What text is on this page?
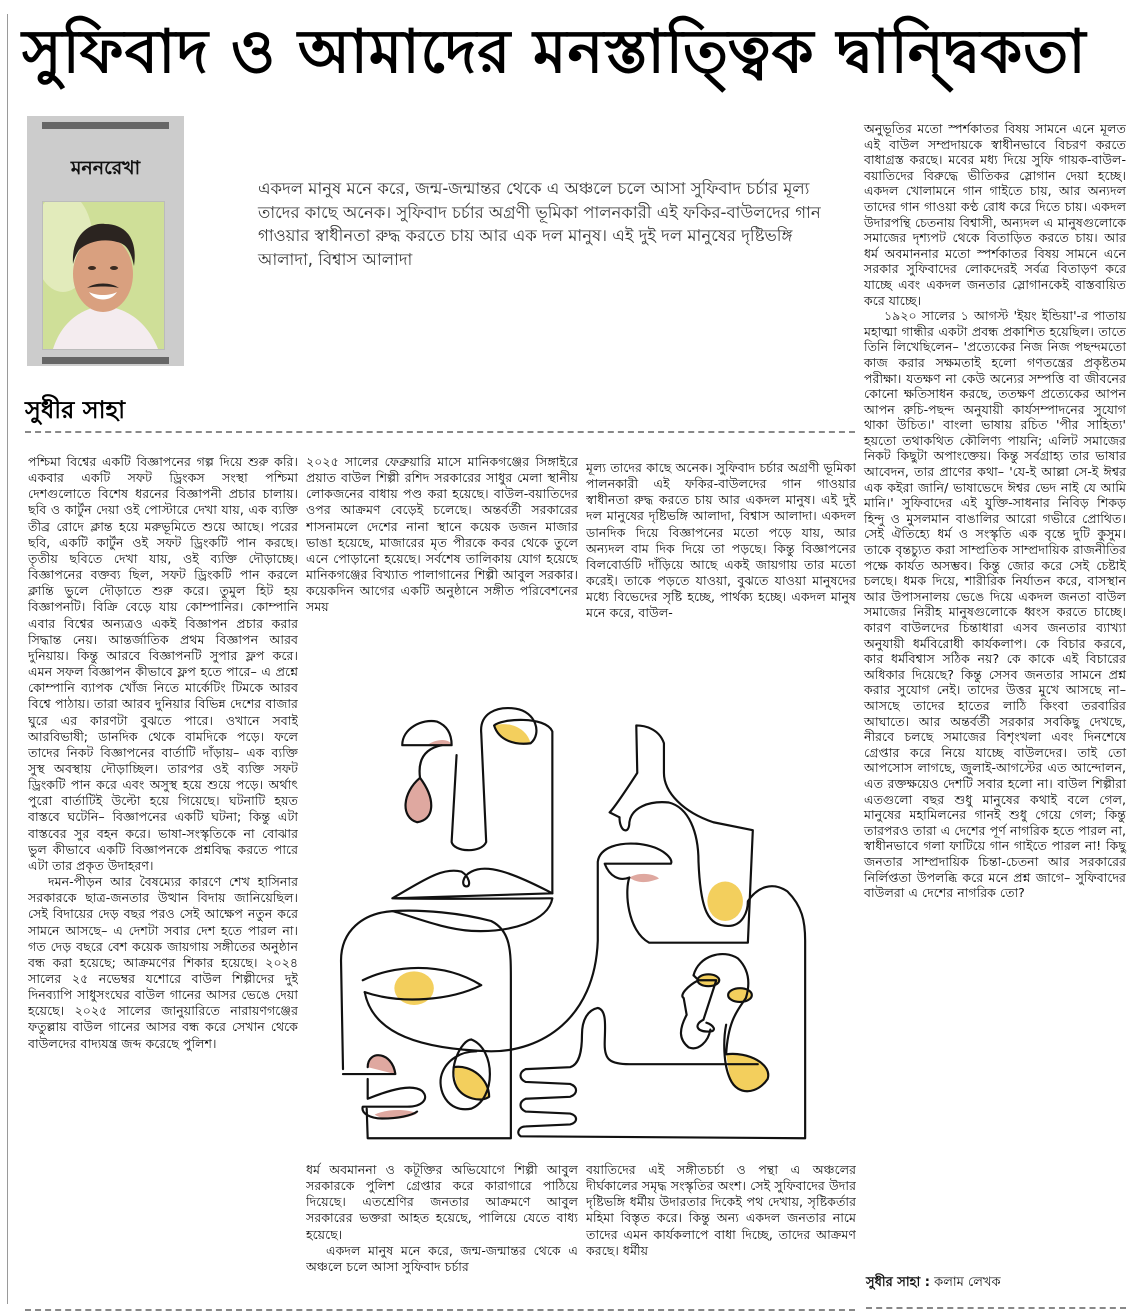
সুফিবাদ ও আমাদের মনস্তাত্ত্বিক দ্বান্দ্বিকতা
মননরেখা
একদল মানুষ মনে করে, জন্ম-জন্মান্তর থেকে এ অঞ্চলে চলে আসা সুফিবাদ চর্চার মূল্য তাদের কাছে অনেক। সুফিবাদ চর্চার অগ্রণী ভূমিকা পালনকারী এই ফকির-বাউলদের গান গাওয়ার স্বাধীনতা রুদ্ধ করতে চায় আর এক দল মানুষ। এই দুই দল মানুষের দৃষ্টিভঙ্গি আলাদা, বিশ্বাস আলাদা
সুধীর সাহা

পশ্চিমা বিশ্বের একটি বিজ্ঞাপনের গল্প দিয়ে শুরু করি। একবার একটি সফট ড্রিংকস সংস্থা পশ্চিমা দেশগুলোতে বিশেষ ধরনের বিজ্ঞাপনী প্রচার চালায়। ছবি ও কার্টুন দেয়া ওই পোস্টারে দেখা যায়, এক ব্যক্তি তীব্র রোদে ক্লান্ত হয়ে মরুভূমিতে শুয়ে আছে। পরের ছবি, একটি কার্টুন ওই সফট ড্রিংকটি পান করছে। তৃতীয় ছবিতে দেখা যায়, ওই ব্যক্তি দৌড়াচ্ছে। বিজ্ঞাপনের বক্তব্য ছিল, সফট ড্রিংকটি পান করলে ক্লান্তি ভুলে দৌড়াতে শুরু করে। তুমুল হিট হয় বিজ্ঞাপনটি। বিক্রি বেড়ে যায় কোম্পানির। কোম্পানি এবার বিশ্বের অন্যত্রও একই বিজ্ঞাপন প্রচার করার সিদ্ধান্ত নেয়। আন্তর্জাতিক প্রথম বিজ্ঞাপন আরব দুনিয়ায়। কিন্তু আরবে বিজ্ঞাপনটি সুপার ফ্লপ করে। এমন সফল বিজ্ঞাপন কীভাবে ফ্লপ হতে পারে– এ প্রশ্নে কোম্পানি ব্যাপক খোঁজ নিতে মার্কেটিং টিমকে আরব বিশ্বে পাঠায়। তারা আরব দুনিয়ার বিভিন্ন দেশের বাজার ঘুরে এর কারণটা বুঝতে পারে। ওখানে সবাই আরবিভাষী; ডানদিক থেকে বামদিকে পড়ে। ফলে তাদের নিকট বিজ্ঞাপনের বার্তাটি দাঁড়ায়– এক ব্যক্তি সুস্থ অবস্থায় দৌড়াচ্ছিল। তারপর ওই ব্যক্তি সফট ড্রিংকটি পান করে এবং অসুস্থ হয়ে শুয়ে পড়ে। অর্থাৎ পুরো বার্তাটিই উল্টো হয়ে গিয়েছে। ঘটনাটি হয়ত বাস্তবে ঘটেনি– বিজ্ঞাপনের একটি ঘটনা; কিন্তু এটা বাস্তবের সুর বহন করে। ভাষা-সংস্কৃতিকে না বোঝার ভুল কীভাবে একটি বিজ্ঞাপনকে প্রশ্নবিদ্ধ করতে পারে এটা তার প্রকৃত উদাহরণ।

দমন-পীড়ন আর বৈষম্যের কারণে শেখ হাসিনার সরকারকে ছাত্র-জনতার উত্থান বিদায় জানিয়েছিল। সেই বিদায়ের দেড় বছর পরও সেই আক্ষেপ নতুন করে সামনে আসছে– এ দেশটা সবার দেশ হতে পারল না। গত দেড় বছরে বেশ কয়েক জায়গায় সঙ্গীতের অনুষ্ঠান বন্ধ করা হয়েছে; আক্রমণের শিকার হয়েছে। ২০২৪ সালের ২৫ নভেম্বর যশোরে বাউল শিল্পীদের দুই দিনব্যাপি সাধুসংঘের বাউল গানের আসর ভেঙে দেয়া হয়েছে। ২০২৫ সালের জানুয়ারিতে নারায়ণগঞ্জের ফতুল্লায় বাউল গানের আসর বন্ধ করে সেখান থেকে বাউলদের বাদ্যযন্ত্র জব্দ করেছে পুলিশ।

২০২৫ সালের ফেব্রুয়ারি মাসে মানিকগঞ্জের সিঙ্গাইরে প্রয়াত বাউল শিল্পী রশিদ সরকারের সাধুর মেলা স্থানীয় লোকজনের বাধায় পণ্ড করা হয়েছে। বাউল-বয়াতিদের ওপর আক্রমণ বেড়েই চলেছে। অন্তর্বর্তী সরকারের শাসনামলে দেশের নানা স্থানে কয়েক ডজন মাজার ভাঙা হয়েছে, মাজারের মৃত পীরকে কবর থেকে তুলে এনে পোড়ানো হয়েছে। সর্বশেষ তালিকায় যোগ হয়েছে মানিকগঞ্জের বিখ্যাত পালাগানের শিল্পী আবুল সরকার। কয়েকদিন আগের একটি অনুষ্ঠানে সঙ্গীত পরিবেশনের সময়

মূল্য তাদের কাছে অনেক। সুফিবাদ চর্চার অগ্রণী ভূমিকা পালনকারী এই ফকির-বাউলদের গান গাওয়ার স্বাধীনতা রুদ্ধ করতে চায় আর একদল মানুষ। এই দুই দল মানুষের দৃষ্টিভঙ্গি আলাদা, বিশ্বাস আলাদা। একদল ডানদিক দিয়ে বিজ্ঞাপনের মতো পড়ে যায়, আর অন্যদল বাম দিক দিয়ে তা পড়ছে। কিন্তু বিজ্ঞাপনের বিলবোর্ডটি দাঁড়িয়ে আছে একই জায়গায় তার মতো করেই। তাকে পড়তে যাওয়া, বুঝতে যাওয়া মানুষদের মধ্যে বিভেদের সৃষ্টি হচ্ছে, পার্থক্য হচ্ছে। একদল মানুষ মনে করে, বাউল-

ধর্ম অবমাননা ও কটূক্তির অভিযোগে শিল্পী আবুল সরকারকে পুলিশ গ্রেপ্তার করে কারাগারে পাঠিয়ে দিয়েছে। এতশ্রেণির জনতার আক্রমণে আবুল সরকারের ভক্তরা আহত হয়েছে, পালিয়ে যেতে বাধ্য হয়েছে।

একদল মানুষ মনে করে, জন্ম-জন্মান্তর থেকে এ অঞ্চলে চলে আসা সুফিবাদ চর্চার

বয়াতিদের এই সঙ্গীতচর্চা ও পন্থা এ অঞ্চলের দীর্ঘকালের সমৃদ্ধ সংস্কৃতির অংশ। সেই সুফিবাদের উদার দৃষ্টিভঙ্গি ধর্মীয় উদারতার দিকেই পথ দেখায়, সৃষ্টিকর্তার মহিমা বিস্তৃত করে। কিন্তু অন্য একদল জনতার নামে তাদের এমন কার্যকলাপে বাধা দিচ্ছে, তাদের আক্রমণ করছে। ধর্মীয়

অনুভূতির মতো স্পর্শকাতর বিষয় সামনে এনে মূলত এই বাউল সম্প্রদায়কে স্বাধীনভাবে বিচরণ করতে বাধাগ্রস্ত করছে। মবের মধ্য দিয়ে সুফি গায়ক-বাউল-বয়াতিদের বিরুদ্ধে ভীতিকর স্লোগান দেয়া হচ্ছে। একদল খোলামনে গান গাইতে চায়, আর অন্যদল তাদের গান গাওয়া কণ্ঠ রোধ করে দিতে চায়। একদল উদারপন্থি চেতনায় বিশ্বাসী, অন্যদল এ মানুষগুলোকে সমাজের দৃশ্যপট থেকে বিতাড়িত করতে চায়। আর ধর্ম অবমাননার মতো স্পর্শকাতর বিষয় সামনে এনে সরকার সুফিবাদের লোকদেরই সর্বত্র বিতাড়ণ করে যাচ্ছে এবং একদল জনতার স্লোগানকেই বাস্তবায়িত করে যাচ্ছে।

১৯২০ সালের ১ আগস্ট 'ইয়ং ইন্ডিয়া'-র পাতায় মহাত্মা গান্ধীর একটা প্রবন্ধ প্রকাশিত হয়েছিল। তাতে তিনি লিখেছিলেন– 'প্রত্যেকের নিজ নিজ পছন্দমতো কাজ করার সক্ষমতাই হলো গণতন্ত্রের প্রকৃষ্টতম পরীক্ষা। যতক্ষণ না কেউ অন্যের সম্পত্তি বা জীবনের কোনো ক্ষতিসাধন করছে, ততক্ষণ প্রত্যেকের আপন আপন রুচি-পছন্দ অনুযায়ী কার্যসম্পাদনের সুযোগ থাকা উচিত।' বাংলা ভাষায় রচিত 'পীর সাহিত্য' হয়তো তথাকথিত কৌলিণ্য পায়নি; এলিট সমাজের নিকট কিছুটা অপাংক্তেয়। কিন্তু সর্বগ্রাহ্য তার ভাষার আবেদন, তার প্রাণের কথা– 'যে-ই আল্লা সে-ই ঈশ্বর এক কইরা জানি/ ভাষাভেদে ঈশ্বর ভেদ নাই যে আমি মানি।' সুফিবাদের এই যুক্তি-সাধনার নিবিড় শিকড় হিন্দু ও মুসলমান বাঙালির আরো গভীরে প্রোথিত। সেই ঐতিহ্যে ধর্ম ও সংস্কৃতি এক বৃন্তে দুটি কুসুম। তাকে বৃন্তচ্যুত করা সাম্প্রতিক সাম্প্রদায়িক রাজনীতির পক্ষে কার্যত অসম্ভব। কিন্তু জোর করে সেই চেষ্টাই চলছে। ধমক দিয়ে, শারীরিক নির্যাতন করে, বাসস্থান আর উপাসনালয় ভেঙে দিয়ে একদল জনতা বাউল সমাজের নিরীহ মানুষগুলোকে ধ্বংস করতে চাচ্ছে। কারণ বাউলদের চিন্তাধারা এসব জনতার ব্যাখ্যা অনুযায়ী ধর্মবিরোধী কার্যকলাপ। কে বিচার করবে, কার ধর্মবিশ্বাস সঠিক নয়? কে কাকে এই বিচারের অধিকার দিয়েছে? কিন্তু সেসব জনতার সামনে প্রশ্ন করার সুযোগ নেই। তাদের উত্তর মুখে আসছে না– আসছে তাদের হাতের লাঠি কিংবা তরবারির আঘাতে। আর অন্তর্বর্তী সরকার সবকিছু দেখছে, নীরবে চলছে সমাজের বিশৃংখলা এবং দিনশেষে গ্রেপ্তার করে নিয়ে যাচ্ছে বাউলদের। তাই তো আপসোস লাগছে, জুলাই-আগস্টের এত আন্দোলন, এত রক্তক্ষয়েও দেশটি সবার হলো না। বাউল শিল্পীরা এতগুলো বছর শুধু মানুষের কথাই বলে গেল, মানুষের মহামিলনের গানই শুধু গেয়ে গেল; কিন্তু তারপরও তারা এ দেশের পূর্ণ নাগরিক হতে পারল না, স্বাধীনভাবে গলা ফাটিয়ে গান গাইতে পারল না! কিছু জনতার সাম্প্রদায়িক চিন্তা-চেতনা আর সরকারের নির্লিপ্ততা উপলব্ধি করে মনে প্রশ্ন জাগে– সুফিবাদের বাউলরা এ দেশের নাগরিক তো?

সুধীর সাহা : কলাম লেখক
